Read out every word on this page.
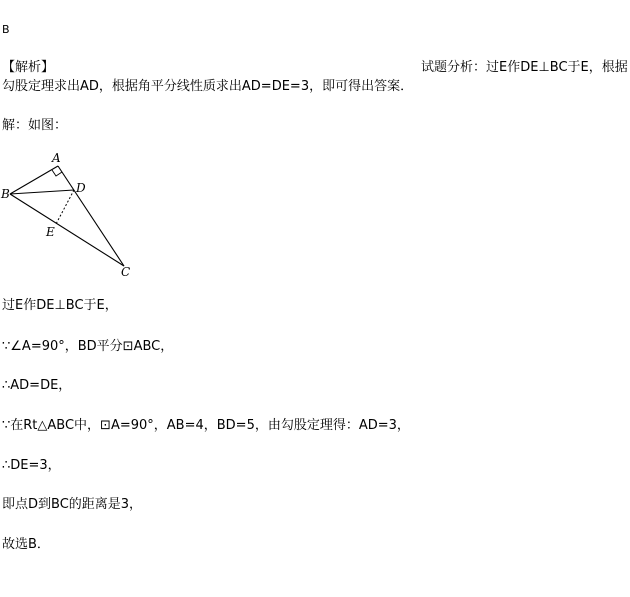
B
【解析】	试题分析：过E作DE⊥BC于E，根据
勾股定理求出AD，根据角平分线性质求出AD=DE=3，即可得出答案．
解：如图：
A
B
C
D
E
过E作DE⊥BC于E，
∵∠A=90°，BD平分⊡ABC，
∴AD=DE，
∵在Rt△ABC中，⊡A=90°，AB=4，BD=5，由勾股定理得：AD=3，
∴DE=3，
即点D到BC的距离是3，
故选B．
